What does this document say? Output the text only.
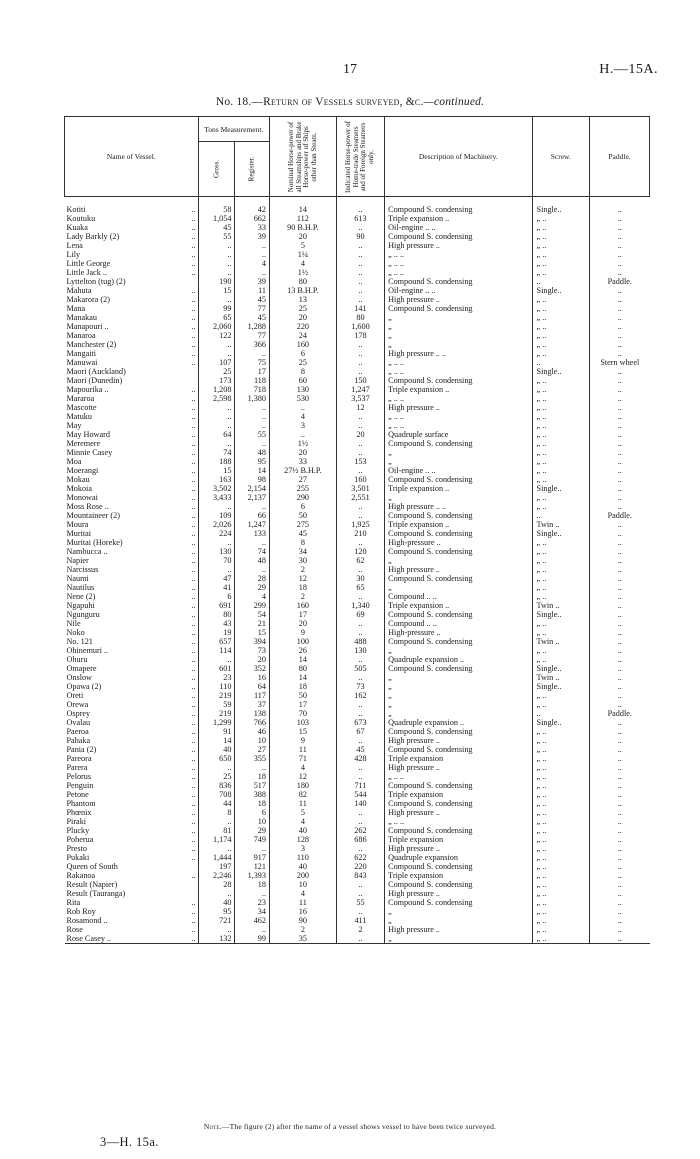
17	H.—15A.
No. 18.—Return of Vessels surveyed, &c.—continued.
Name of Vessel.	Tons Measurement.		Nominal Horse-power of all Steamships and Brake Horse-power of Ships other than Steam.	Indicated Horse-power of Home-trade Steamers and of Foreign Steamers only.	Description of Machinery.	Screw.	Paddle.

	Gross.	Register.					

Kotiti ..	58	42	14	..	Compound S. condensing	Single..	..
Koutuku ..	1,054	662	112	613	Triple expansion ..	„ ..	..
Kuaka ..	45	33	90 B.H.P.	..	Oil-engine .. ..	„ ..	..
Lady Barkly (2) ..	55	39	20	90	Compound S. condensing	„ ..	..
Lena ..	..	..	5	..	High pressure ..	„ ..	..
Lily ..	..	..	1¼	..	„ .. ..	„ ..	..
Little George ..	..	4	4	..	„ .. ..	„ ..	..
Little Jack .. ..	..	..	1½	..	„ .. ..	„ ..	..
Lyttelton (tug) (2)	190	39	80	..	Compound S. condensing	..	Paddle.
Mahuta ..	15	11	13 B.H.P.	..	Oil-engine .. ..	Single..	..
Makarora (2) ..	..	45	13	..	High pressure ..	„ ..	..
Mana ..	99	77	25	141	Compound S. condensing	„ ..	..
Manakau ..	65	45	20	80	„	„ ..	..
Manapouri .. ..	2,060	1,288	220	1,600	„	„ ..	..
Manaroa ..	122	77	24	178	„	„ ..	..
Manchester (2) ..	..	366	160	..	„	„ ..	..
Mangaiti ..	..	..	6	..	High pressure .. ..	„ ..	..
Manuwai ..	107	75	25	..	„ .. ..	..	Stern wheel
Maori (Auckland)	25	17	8	..	„ .. ..	Single..	..
Maori (Dunedin)	173	118	60	150	Compound S. condensing	„ ..	..
Mapourika .. ..	1,208	718	130	1,247	Triple expansion ..	„ ..	..
Mararoa ..	2,598	1,380	530	3,537	„ .. ..	„ ..	..
Mascotte ..	..	..	..	12	High pressure ..	„ ..	..
Matuku ..	..	..	4	..	„ .. ..	„ ..	..
May ..	..	..	3	..	„ .. ..	„ ..	..
May Howard ..	64	55	..	20	Quadruple surface	„ ..	..
Meremere ..	..	..	1½	..	Compound S. condensing	„ ..	..
Minnie Casey ..	74	48	20	..	„	„ ..	..
Moa ..	188	95	33	153	„	„ ..	..
Moerangi ..	15	14	27½ B.H.P.	..	Oil-engine .. ..	„ ..	..
Mokau ..	163	98	27	160	Compound S. condensing	„ ..	..
Mokoia ..	3,502	2,154	255	3,501	Triple expansion ..	Single..	..
Monowai ..	3,433	2,137	290	2,551	„	„ ..	..
Moss Rose .. ..	..	..	6	..	High pressure .. ..	„ ..	..
Mountaineer (2) ..	109	66	50	..	Compound S. condensing	..	Paddle.
Moura ..	2,026	1,247	275	1,925	Triple expansion ..	Twin ..	..
Muritai ..	224	133	45	210	Compound S. condensing	Single..	..
Muritai (Horeke) ..	..	..	8	..	High-pressure ..	„ ..	..
Nambucca .. ..	130	74	34	120	Compound S. condensing	„ ..	..
Napier ..	70	48	30	62	„	„ ..	..
Narcissus ..	..	..	2	..	High pressure ..	„ ..	..
Naumi ..	47	28	12	30	Compound S. condensing	„ ..	..
Nautilus ..	41	29	18	65	„	„ ..	..
Nene (2) ..	6	4	2	..	Compound .. ..	„ ..	..
Ngapuhi ..	691	299	160	1,340	Triple expansion ..	Twin ..	..
Ngunguru ..	80	54	17	69	Compound S. condensing	Single..	..
Nile ..	43	21	20	..	Compound .. ..	„ ..	..
Noko ..	19	15	9	..	High-pressure ..	„ ..	..
No. 121 ..	657	394	100	488	Compound S. condensing	Twin ..	..
Ohinemuri .. ..	114	73	26	130	„	„ ..	..
Ohuru ..	..	20	14	..	Quadruple expansion ..	„ ..	..
Omapere ..	601	352	80	505	Compound S. condensing	Single..	..
Onslow ..	23	16	14	..	„	Twin ..	..
Opawa (2) ..	110	64	18	73	„	Single..	..
Oreti ..	219	117	50	162	„	„ ..	..
Orewa ..	59	37	17	..	„	„ ..	..
Osprey ..	219	138	70	..	„	..	Paddle.
Ovalau ..	1,299	766	103	673	Quadruple expansion ..	Single..	..
Paeroa ..	91	46	15	67	Compound S. condensing	„ ..	..
Pahaka ..	14	10	9	..	High pressure ..	„ ..	..
Pania (2) ..	40	27	11	45	Compound S. condensing	„ ..	..
Pareora ..	650	355	71	428	Triple expansion	„ ..	..
Parera ..	..	..	4	..	High pressure ..	„ ..	..
Pelorus ..	25	18	12	..	„ .. ..	„ ..	..
Penguin ..	836	517	180	711	Compound S. condensing	„ ..	..
Petone ..	708	388	82	544	Triple expansion	„ ..	..
Phantom ..	44	18	11	140	Compound S. condensing	„ ..	..
Phœnix ..	8	6	5	..	High pressure ..	„ ..	..
Piraki ..	..	10	4	..	„ .. ..	„ ..	..
Plucky ..	81	29	40	262	Compound S. condensing	„ ..	..
Poherua ..	1,174	749	128	686	Triple expansion	„ ..	..
Presto ..	..	..	3	..	High pressure ..	„ ..	..
Pukaki ..	1,444	917	110	622	Quadruple expansion	„ ..	..
Queen of South	197	121	40	220	Compound S. condensing	„ ..	..
Rakanoa ..	2,246	1,393	200	843	Triple expansion	„ ..	..
Result (Napier)	28	18	10	..	Compound S. condensing	„ ..	..
Result (Tauranga)	..	..	4	..	High pressure ..	„ ..	..
Rita ..	40	23	11	55	Compound S. condensing	„ ..	..
Rob Roy ..	95	34	16	..	„	„ ..	..
Rosamond .. ..	721	462	90	411	„	„ ..	..
Rose ..	..	..	2	2	High pressure ..	„ ..	..
Rose Casey .. ..	132	99	35	..	„	„ ..	..
Note.—The figure (2) after the name of a vessel shows vessel to have been twice surveyed.
3—H. 15a.
